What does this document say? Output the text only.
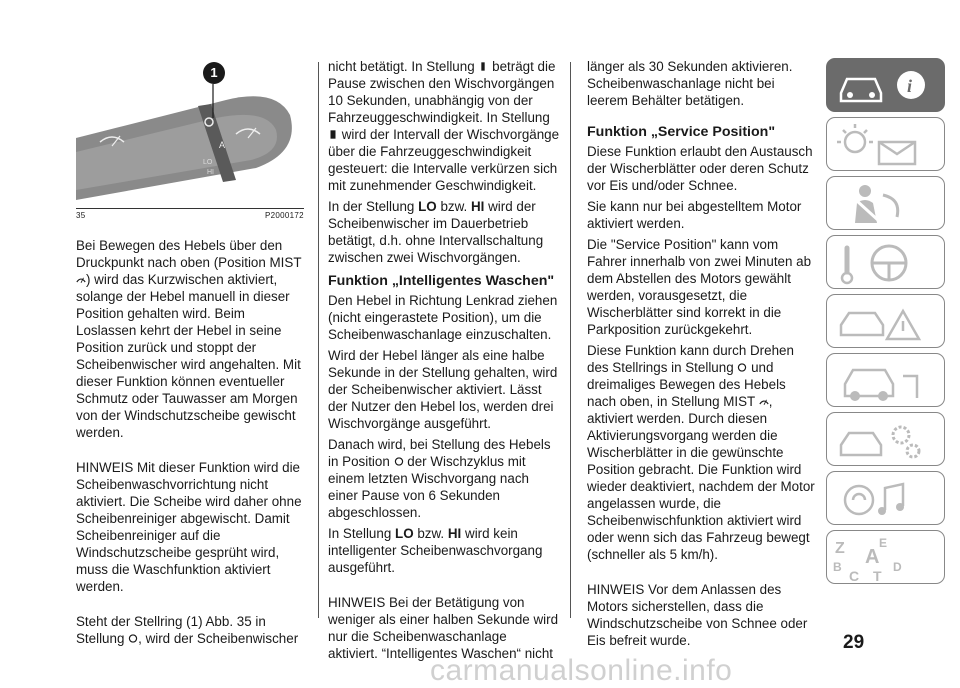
A
LO
HI
1
35	P2000172

Bei Bewegen des Hebels über den Druckpunkt nach oben (Position MIST ) wird das Kurzwischen aktiviert, solange der Hebel manuell in dieser Position gehalten wird. Beim Loslassen kehrt der Hebel in seine Position zurück und stoppt der Scheibenwischer wird angehalten. Mit dieser Funktion können eventueller Schmutz oder Tauwasser am Morgen von der Windschutzscheibe gewischt werden.

HINWEIS Mit dieser Funktion wird die Scheibenwaschvorrichtung nicht aktiviert. Die Scheibe wird daher ohne Scheibenreiniger abgewischt. Damit Scheibenreiniger auf die Windschutzscheibe gesprüht wird, muss die Waschfunktion aktiviert werden.

Steht der Stellring (1) Abb. 35 in Stellung , wird der Scheibenwischer

nicht betätigt. In Stellung beträgt die Pause zwischen den Wischvorgängen 10 Sekunden, unabhängig von der Fahrzeuggeschwindigkeit. In Stellung  wird der Intervall der Wischvorgänge über die Fahrzeuggeschwindigkeit gesteuert: die Intervalle verkürzen sich mit zunehmender Geschwindigkeit.

In der Stellung LO bzw. HI wird der Scheibenwischer im Dauerbetrieb betätigt, d.h. ohne Intervallschaltung zwischen zwei Wischvorgängen.

Funktion „Intelligentes Waschen"

Den Hebel in Richtung Lenkrad ziehen (nicht eingerastete Position), um die Scheibenwaschanlage einzuschalten.

Wird der Hebel länger als eine halbe Sekunde in der Stellung gehalten, wird der Scheibenwischer aktiviert. Lässt der Nutzer den Hebel los, werden drei Wischvorgänge ausgeführt.

Danach wird, bei Stellung des Hebels in Position der Wischzyklus mit einem letzten Wischvorgang nach einer Pause von 6 Sekunden abgeschlossen.

In Stellung LO bzw. HI wird kein intelligenter Scheibenwaschvorgang ausgeführt.

HINWEIS Bei der Betätigung von weniger als einer halben Sekunde wird nur die Scheibenwaschanlage aktiviert. “Intelligentes Waschen“ nicht

länger als 30 Sekunden aktivieren. Scheibenwaschanlage nicht bei leerem Behälter betätigen.

Funktion „Service Position"

Diese Funktion erlaubt den Austausch der Wischerblätter oder deren Schutz vor Eis und/oder Schnee.

Sie kann nur bei abgestelltem Motor aktiviert werden.

Die "Service Position" kann vom Fahrer innerhalb von zwei Minuten ab dem Abstellen des Motors gewählt werden, vorausgesetzt, die Wischerblätter sind korrekt in die Parkposition zurückgekehrt.

Diese Funktion kann durch Drehen des Stellrings in Stellung und dreimaliges Bewegen des Hebels nach oben, in Stellung MIST , aktiviert werden. Durch diesen Aktivierungsvorgang werden die Wischerblätter in die gewünschte Position gebracht. Die Funktion wird wieder deaktiviert, nachdem der Motor angelassen wurde, die Scheibenwischfunktion aktiviert wird oder wenn sich das Fahrzeug bewegt (schneller als 5 km/h).

HINWEIS Vor dem Anlassen des Motors sicherstellen, dass die Windschutzscheibe von Schnee oder Eis befreit wurde.

i
Z	E
B A
C T
D
29
carmanualsonline.info
